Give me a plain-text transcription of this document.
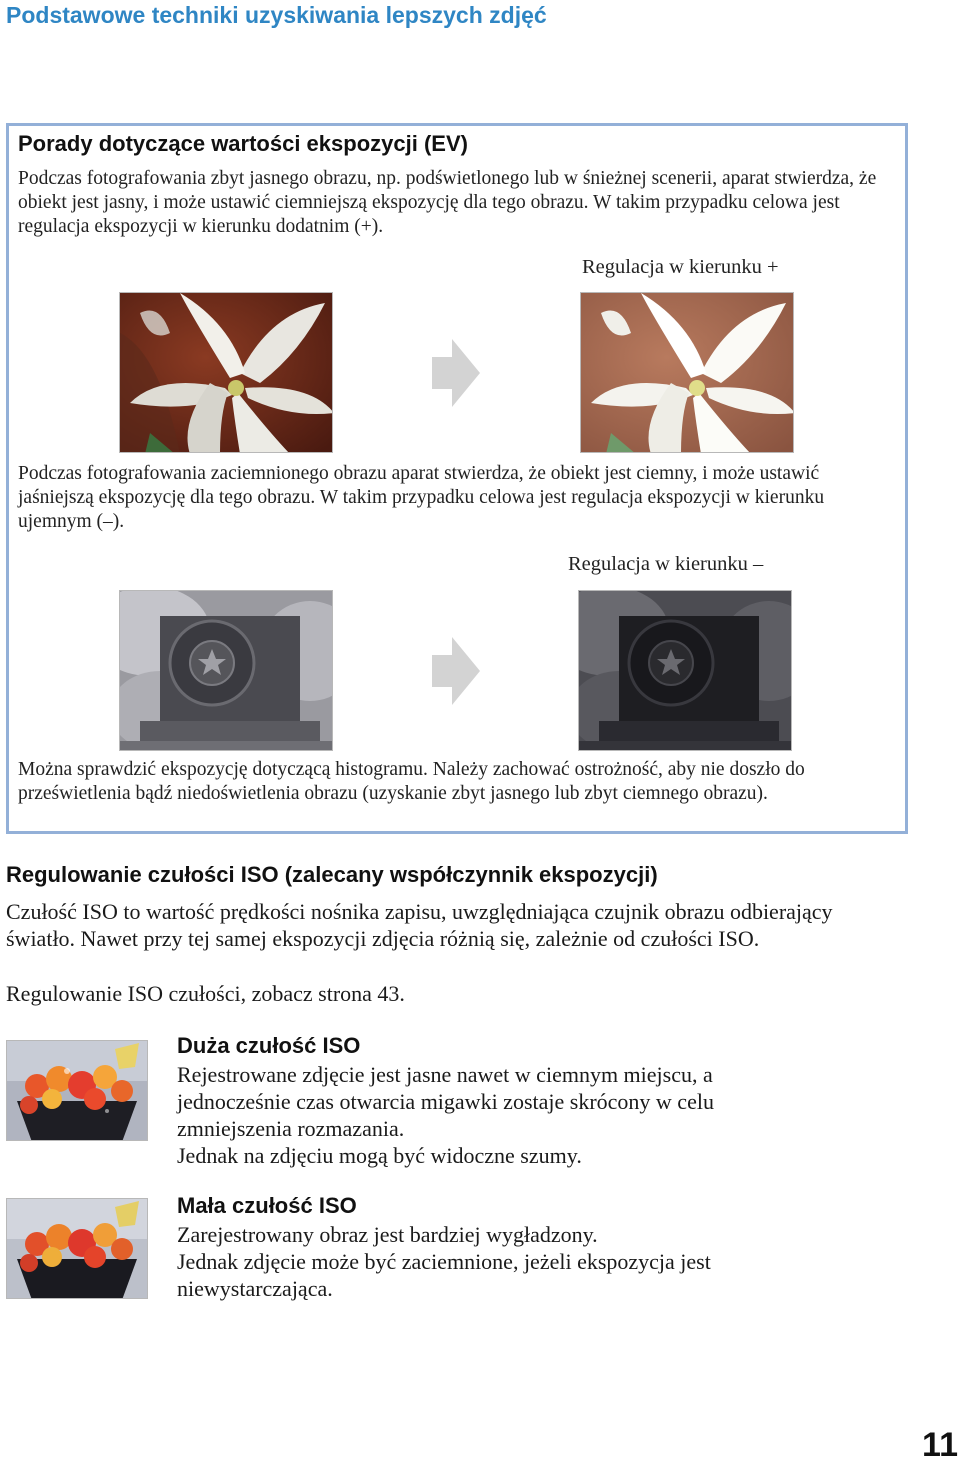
Podstawowe techniki uzyskiwania lepszych zdjęć
Porady dotyczące wartości ekspozycji (EV)
Podczas fotografowania zbyt jasnego obrazu, np. podświetlonego lub w śnieżnej scenerii, aparat stwierdza, że obiekt jest jasny, i może ustawić ciemniejszą ekspozycję dla tego obrazu. W takim przypadku celowa jest regulacja ekspozycji w kierunku dodatnim (+).
Regulacja w kierunku +
Podczas fotografowania zaciemnionego obrazu aparat stwierdza, że obiekt jest ciemny, i może ustawić jaśniejszą ekspozycję dla tego obrazu. W takim przypadku celowa jest regulacja ekspozycji w kierunku ujemnym (–).
Regulacja w kierunku –
Można sprawdzić ekspozycję dotyczącą histogramu. Należy zachować ostrożność, aby nie doszło do prześwietlenia bądź niedoświetlenia obrazu (uzyskanie zbyt jasnego lub zbyt ciemnego obrazu).
Regulowanie czułości ISO (zalecany współczynnik ekspozycji)
Czułość ISO to wartość prędkości nośnika zapisu, uwzględniająca czujnik obrazu odbierający światło. Nawet przy tej samej ekspozycji zdjęcia różnią się, zależnie od czułości ISO.
Regulowanie ISO czułości, zobacz strona 43.
Duża czułość ISO
Rejestrowane zdjęcie jest jasne nawet w ciemnym miejscu, a jednocześnie czas otwarcia migawki zostaje skrócony w celu zmniejszenia rozmazania.
Jednak na zdjęciu mogą być widoczne szumy.
Mała czułość ISO
Zarejestrowany obraz jest bardziej wygładzony.
Jednak zdjęcie może być zaciemnione, jeżeli ekspozycja jest niewystarczająca.
11
